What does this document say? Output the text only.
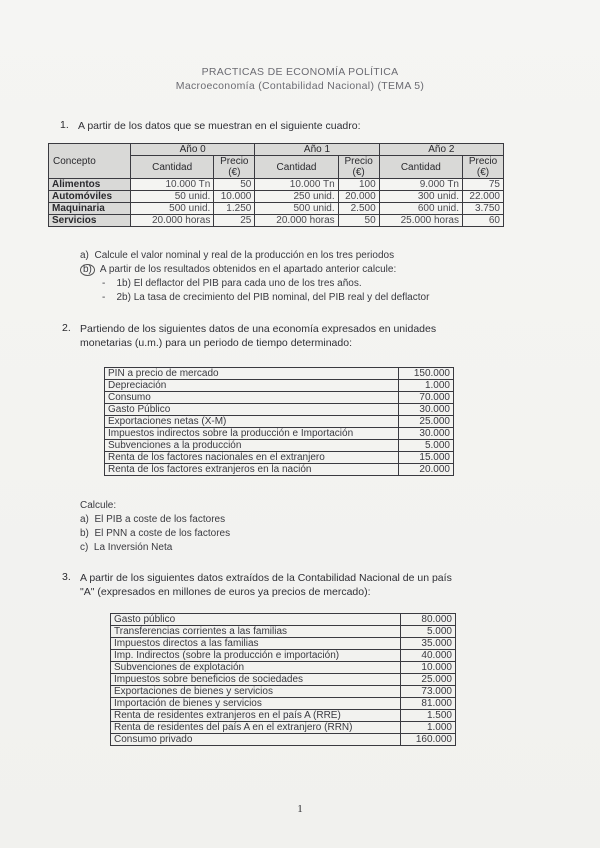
PRACTICAS DE ECONOMÍA POLÍTICA
Macroeconomía (Contabilidad Nacional) (TEMA 5)
1. A partir de los datos que se muestran en el siguiente cuadro:
Concepto	Año 0		Año 1		Año 2	
	Cantidad	Precio (€)	Cantidad	Precio (€)	Cantidad	Precio (€)
Alimentos	10.000 Tn	50	10.000 Tn	100	9.000 Tn	75
Automóviles	50 unid.	10.000	250 unid.	20.000	300 unid.	22.000
Maquinaria	500 unid.	1.250	500 unid.	2.500	600 unid.	3.750
Servicios	20.000 horas	25	20.000 horas	50	25.000 horas	60
a) Calcule el valor nominal y real de la producción en los tres periodos
b) A partir de los resultados obtenidos en el apartado anterior calcule:
- 1b) El deflactor del PIB para cada uno de los tres años.
- 2b) La tasa de crecimiento del PIB nominal, del PIB real y del deflactor
2. Partiendo de los siguientes datos de una economía expresados en unidades
monetarias (u.m.) para un periodo de tiempo determinado:
PIN a precio de mercado	150.000
Depreciación	1.000
Consumo	70.000
Gasto Público	30.000
Exportaciones netas (X-M)	25.000
Impuestos indirectos sobre la producción e Importación	30.000
Subvenciones a la producción	5.000
Renta de los factores nacionales en el extranjero	15.000
Renta de los factores extranjeros en la nación	20.000
Calcule:
a) El PIB a coste de los factores
b) El PNN a coste de los factores
c) La Inversión Neta
3. A partir de los siguientes datos extraídos de la Contabilidad Nacional de un país
"A" (expresados en millones de euros ya precios de mercado):
Gasto público	80.000
Transferencias corrientes a las familias	5.000
Impuestos directos a las familias	35.000
Imp. Indirectos (sobre la producción e importación)	40.000
Subvenciones de explotación	10.000
Impuestos sobre beneficios de sociedades	25.000
Exportaciones de bienes y servicios	73.000
Importación de bienes y servicios	81.000
Renta de residentes extranjeros en el país A (RRE)	1.500
Renta de residentes del país A en el extranjero (RRN)	1.000
Consumo privado	160.000
1
